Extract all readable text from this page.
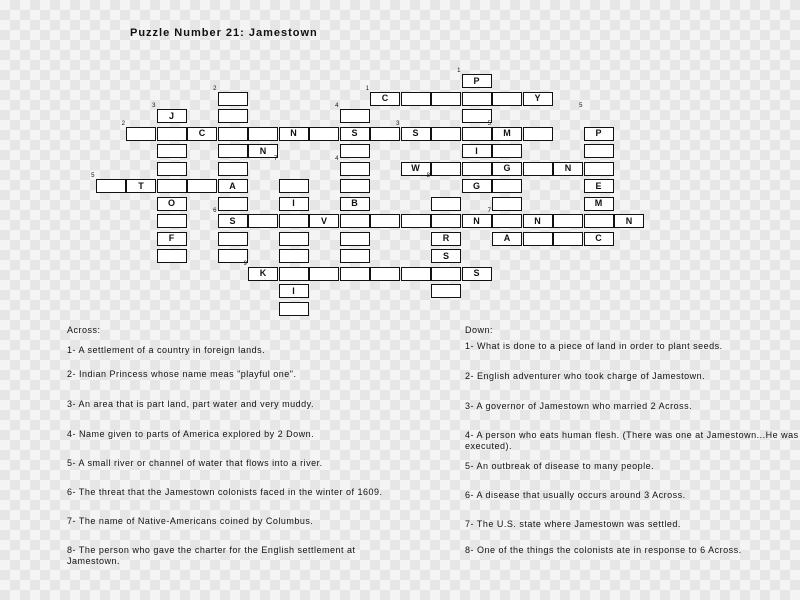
Puzzle Number 21: Jamestown
P
C	Y
J
C	N	S	S	M	P
N	I
W	G	N
T	A	G	E
O	I	B	M
S	V	N	N	N
F	R	A	C
S
K	S
I
1
2	1
3	4	5
2	5
3
7	4
5	8
6	7
9
Across:
1- A settlement of a country in foreign lands.
2- Indian Princess whose name meas "playful one".
3- An area that is part land, part water and very muddy.
4- Name given to parts of America explored by 2 Down.
5- A small river or channel of water that flows into a river.
6- The threat that the Jamestown colonists faced in the winter of 1609.
7- The name of Native-Americans coined by Columbus.
8- The person who gave the charter for the English settlement at Jamestown.
Down:
1- What is done to a piece of land in order to plant seeds.
2- English adventurer who took charge of Jamestown.
3- A governor of Jamestown who married 2 Across.
4- A person who eats human flesh. (There was one at Jamestown...He was executed).
5- An outbreak of disease to many people.
6- A disease that usually occurs around 3 Across.
7- The U.S. state where Jamestown was settled.
8- One of the things the colonists ate in response to 6 Across.
